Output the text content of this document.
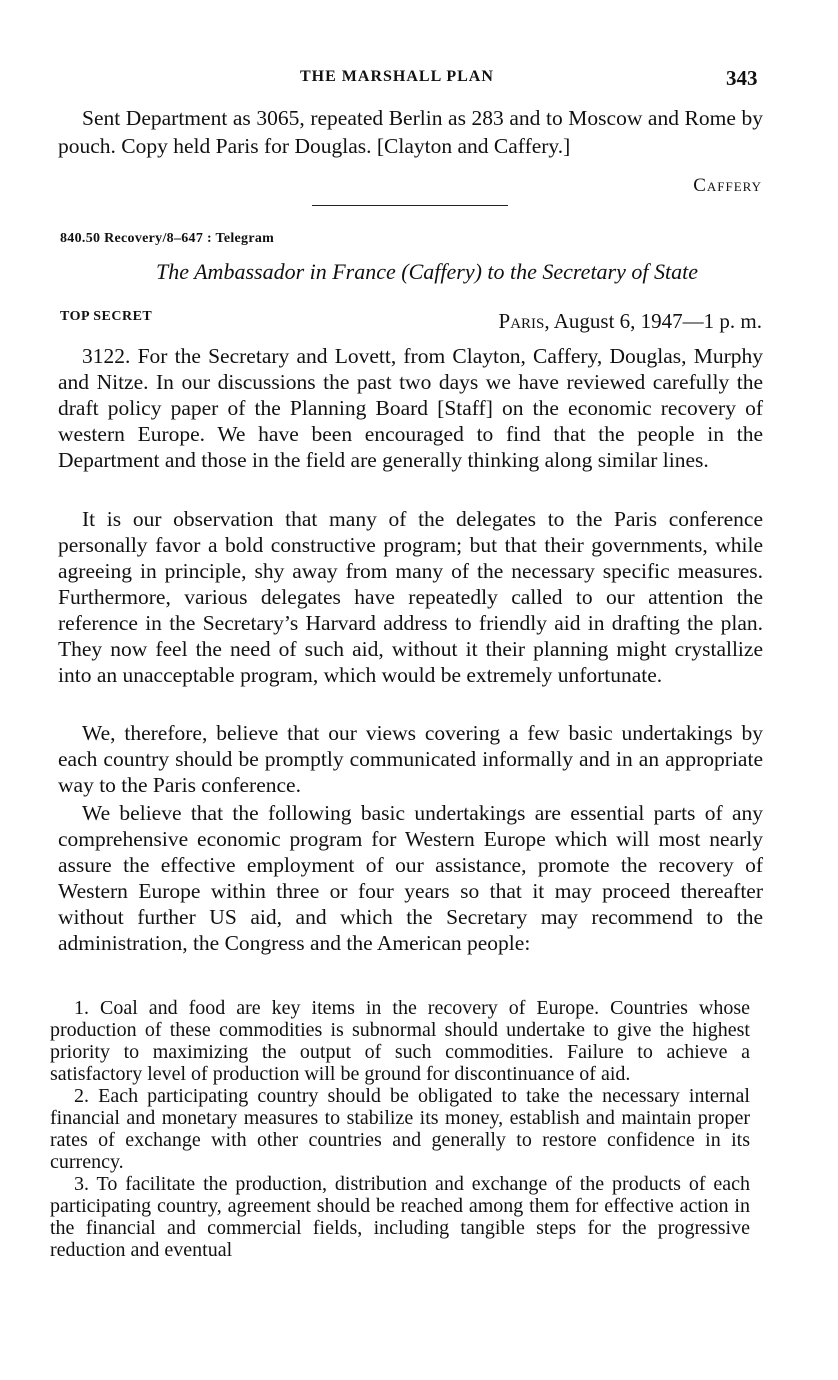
THE MARSHALL PLAN	343

Sent Department as 3065, repeated Berlin as 283 and to Moscow and Rome by pouch. Copy held Paris for Douglas. [Clayton and Caffery.]

Caffery
840.50 Recovery/8–647 : Telegram
The Ambassador in France (Caffery) to the Secretary of State
TOP SECRET	Paris, August 6, 1947—1 p. m.

3122. For the Secretary and Lovett, from Clayton, Caffery, Douglas, Murphy and Nitze. In our discussions the past two days we have reviewed carefully the draft policy paper of the Planning Board [Staff] on the economic recovery of western Europe. We have been encouraged to find that the people in the Department and those in the field are generally thinking along similar lines.

It is our observation that many of the delegates to the Paris conference personally favor a bold constructive program; but that their governments, while agreeing in principle, shy away from many of the necessary specific measures. Furthermore, various delegates have repeatedly called to our attention the reference in the Secretary’s Harvard address to friendly aid in drafting the plan. They now feel the need of such aid, without it their planning might crystallize into an unacceptable program, which would be extremely unfortunate.

We, therefore, believe that our views covering a few basic undertakings by each country should be promptly communicated informally and in an appropriate way to the Paris conference.

We believe that the following basic undertakings are essential parts of any comprehensive economic program for Western Europe which will most nearly assure the effective employment of our assistance, promote the recovery of Western Europe within three or four years so that it may proceed thereafter without further US aid, and which the Secretary may recommend to the administration, the Congress and the American people:

1. Coal and food are key items in the recovery of Europe. Countries whose production of these commodities is subnormal should undertake to give the highest priority to maximizing the output of such commodities. Failure to achieve a satisfactory level of production will be ground for discontinuance of aid.

2. Each participating country should be obligated to take the necessary internal financial and monetary measures to stabilize its money, establish and maintain proper rates of exchange with other countries and generally to restore confidence in its currency.

3. To facilitate the production, distribution and exchange of the products of each participating country, agreement should be reached among them for effective action in the financial and commercial fields, including tangible steps for the progressive reduction and eventual
